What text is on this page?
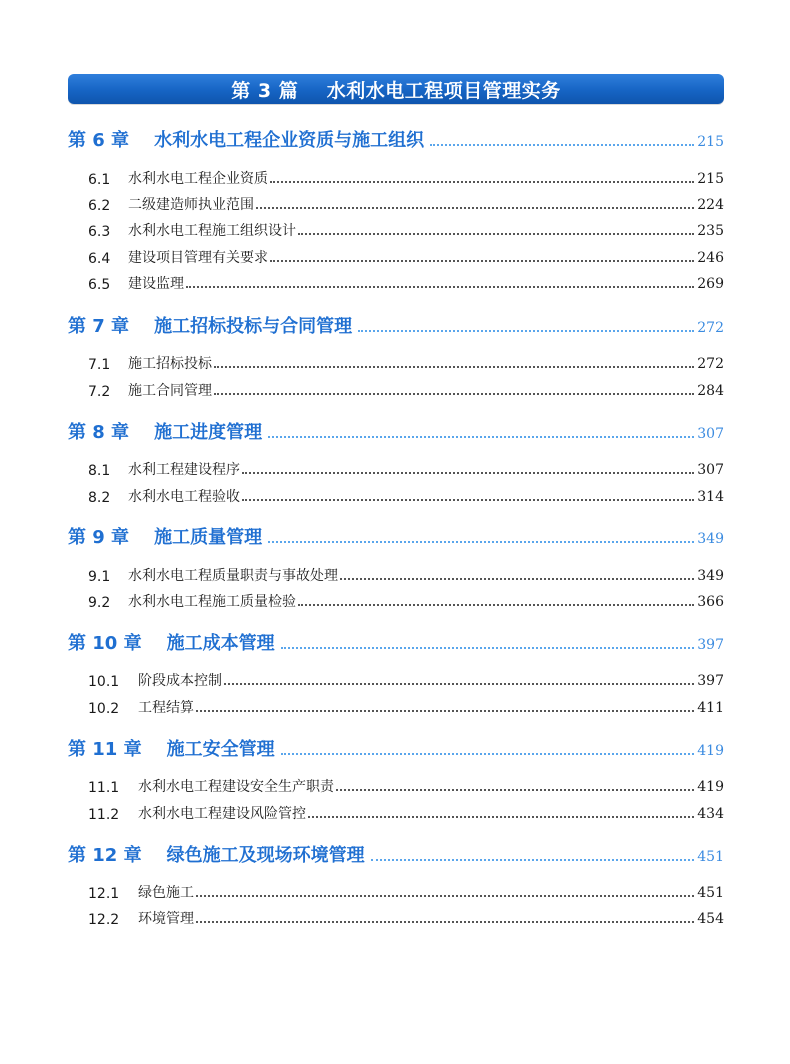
第 3 篇    水利水电工程项目管理实务
第 6 章    水利水电工程企业资质与施工组织	215
6.1	水利水电工程企业资质	215
6.2	二级建造师执业范围	224
6.3	水利水电工程施工组织设计	235
6.4	建设项目管理有关要求	246
6.5	建设监理	269
第 7 章    施工招标投标与合同管理	272
7.1	施工招标投标	272
7.2	施工合同管理	284
第 8 章    施工进度管理	307
8.1	水利工程建设程序	307
8.2	水利水电工程验收	314
第 9 章    施工质量管理	349
9.1	水利水电工程质量职责与事故处理	349
9.2	水利水电工程施工质量检验	366
第 10 章    施工成本管理	397
10.1	阶段成本控制	397
10.2	工程结算	411
第 11 章    施工安全管理	419
11.1	水利水电工程建设安全生产职责	419
11.2	水利水电工程建设风险管控	434
第 12 章    绿色施工及现场环境管理	451
12.1	绿色施工	451
12.2	环境管理	454
